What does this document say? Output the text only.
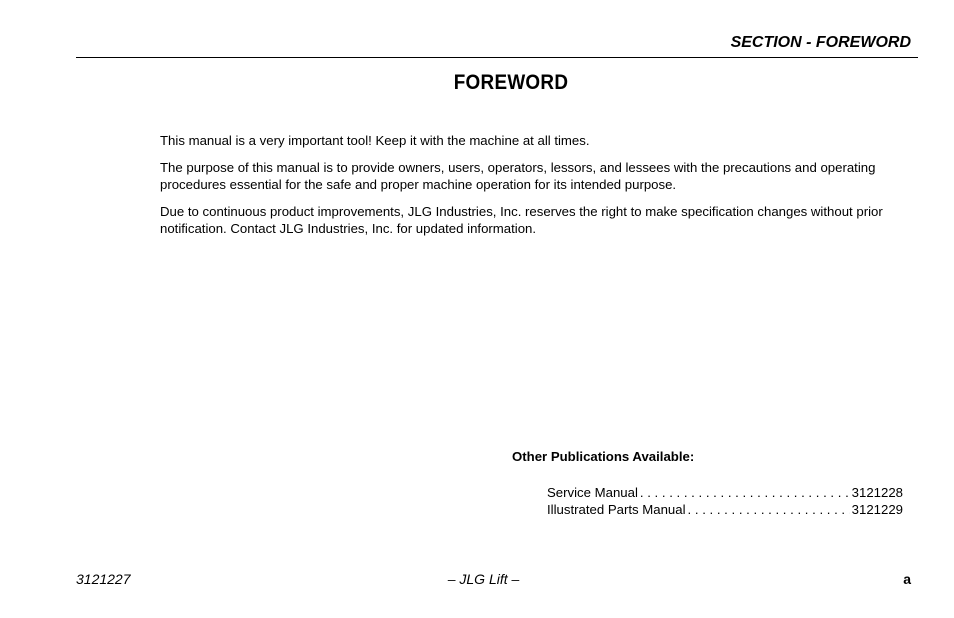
SECTION - FOREWORD
FOREWORD

This manual is a very important tool! Keep it with the machine at all times.

The purpose of this manual is to provide owners, users, operators, lessors, and lessees with the precautions and operating procedures essential for the safe and proper machine operation for its intended purpose.

Due to continuous product improvements, JLG Industries, Inc. reserves the right to make specification changes without prior notification. Contact JLG Industries, Inc. for updated information.

Other Publications Available:
Service Manual . . .	3121228
Illustrated Parts Manual . . .	3121229
3121227	– JLG Lift –	a
